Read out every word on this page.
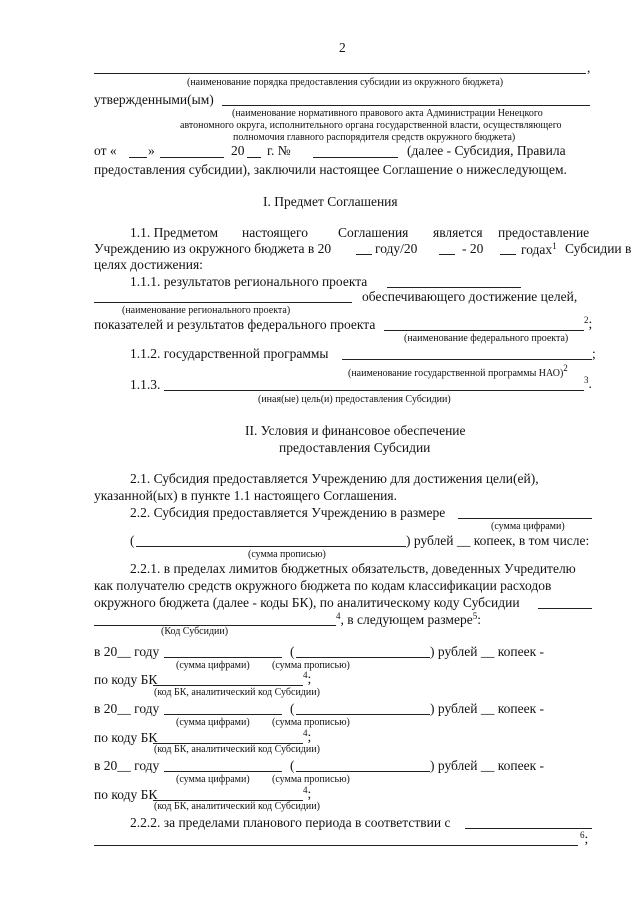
2
,
(наименование порядка предоставления субсидии из окружного бюджета)
утвержденными(ым)
(наименование нормативного правового акта Администрации Ненецкого
автономного округа, исполнительного органа государственной власти, осуществляющего
полномочия главного распорядителя средств окружного бюджета)
от « »	20 г. №	(далее - Субсидия, Правила
предоставления субсидии), заключили настоящее Соглашение о нижеследующем.
I. Предмет Соглашения
1.1. Предметом настоящего Соглашения является предоставление
Учреждению из окружного бюджета в 20	году/20	- 20	годах$^1$ Субсидии в
целях достижения:
1.1.1. результатов регионального проекта
обеспечивающего достижение целей,
(наименование регионального проекта)
показателей и результатов федерального проекта	$^2$;
(наименование федерального проекта)
1.1.2. государственной программы	;
(наименование государственной программы НАО)2
1.1.3.	$^3$.
(иная(ые) цель(и) предоставления Субсидии)
II. Условия и финансовое обеспечение
предоставления Субсидии
2.1. Субсидия предоставляется Учреждению для достижения цели(ей),
указанной(ых) в пункте 1.1 настоящего Соглашения.
2.2. Субсидия предоставляется Учреждению в размере
(сумма цифрами)
(	) рублей __ копеек, в том числе:
(сумма прописью)
2.2.1. в пределах лимитов бюджетных обязательств, доведенных Учредителю
как получателю средств окружного бюджета по кодам классификации расходов
окружного бюджета (далее - коды БК), по аналитическому коду Субсидии
$^4$, в следующем размере$^5$:
(Код Субсидии)
в 20__ году	(	) рублей __ копеек -
(сумма цифрами) (сумма прописью)
по коду БК	$^4$;
(код БК, аналитический код Субсидии)
в 20__ году	(	) рублей __ копеек -
(сумма цифрами) (сумма прописью)
по коду БК	$^4$;
(код БК, аналитический код Субсидии)
в 20__ году	(	) рублей __ копеек -
(сумма цифрами) (сумма прописью)
по коду БК	$^4$;
(код БК, аналитический код Субсидии)
2.2.2. за пределами планового периода в соответствии с
$^6$;
